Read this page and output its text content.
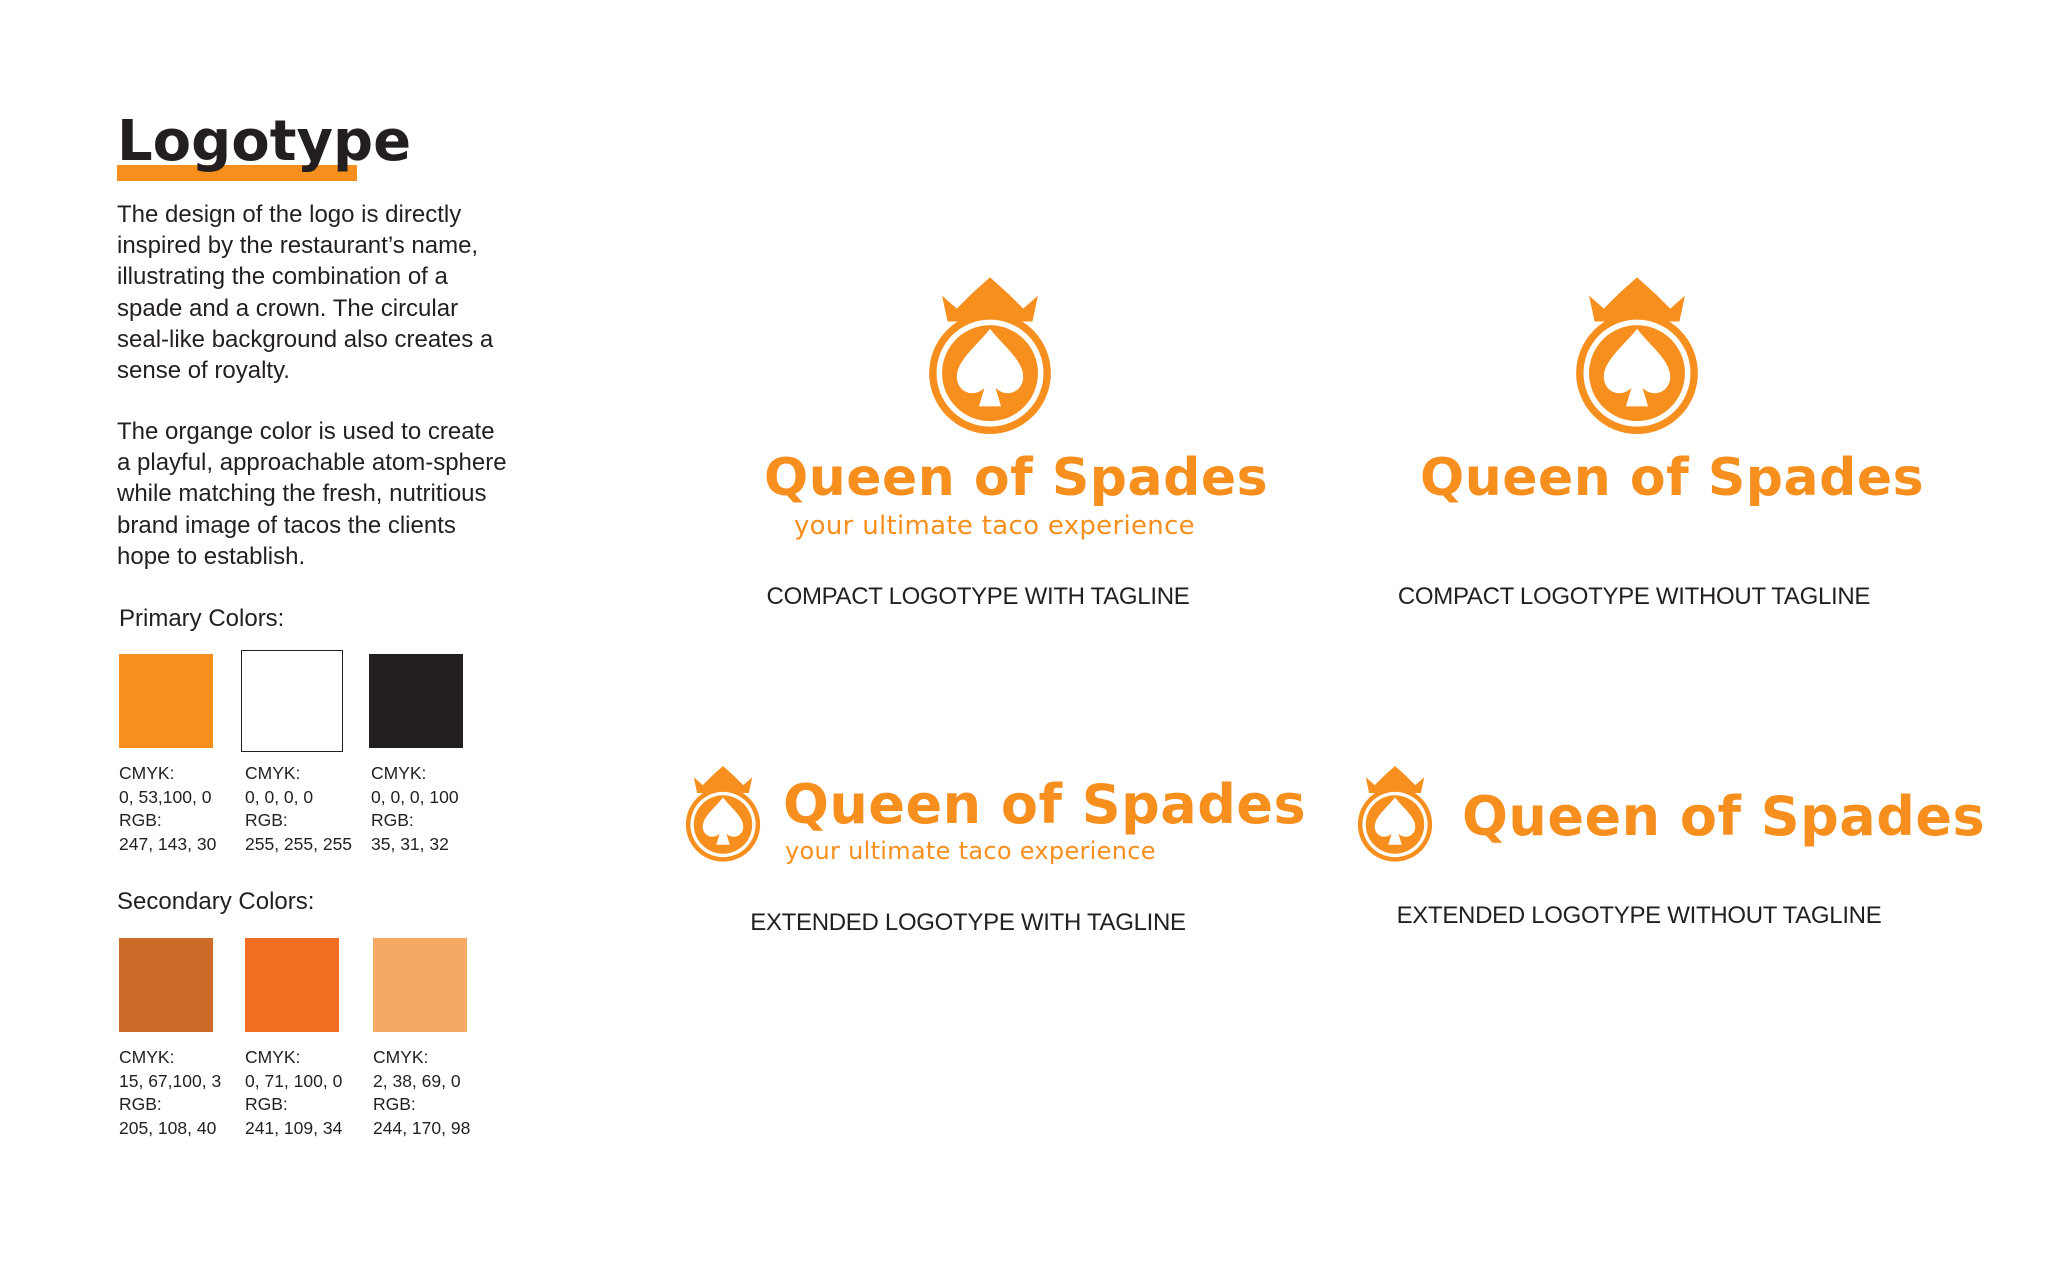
Logotype
The design of the logo is directly inspired by the restaurant’s name, illustrating the combination of a spade and a crown. The circular seal-like background also creates a sense of royalty.
The organge color is used to create a playful, approachable atom-sphere while matching the fresh, nutritious brand image of tacos the clients hope to establish.
Primary Colors:
CMYK:
0, 53,100, 0
RGB:
247, 143, 30
CMYK:
0, 0, 0, 0
RGB:
255, 255, 255
CMYK:
0, 0, 0, 100
RGB:
35, 31, 32
Secondary Colors:
CMYK:
15, 67,100, 3
RGB:
205, 108, 40
CMYK:
0, 71, 100, 0
RGB:
241, 109, 34
CMYK:
2, 38, 69, 0
RGB:
244, 170, 98
Queen of Spades
your ultimate taco experience
COMPACT LOGOTYPE WITH TAGLINE
Queen of Spades
COMPACT LOGOTYPE WITHOUT TAGLINE
Queen of Spades
your ultimate taco experience
EXTENDED LOGOTYPE WITH TAGLINE
Queen of Spades
EXTENDED LOGOTYPE WITHOUT TAGLINE
